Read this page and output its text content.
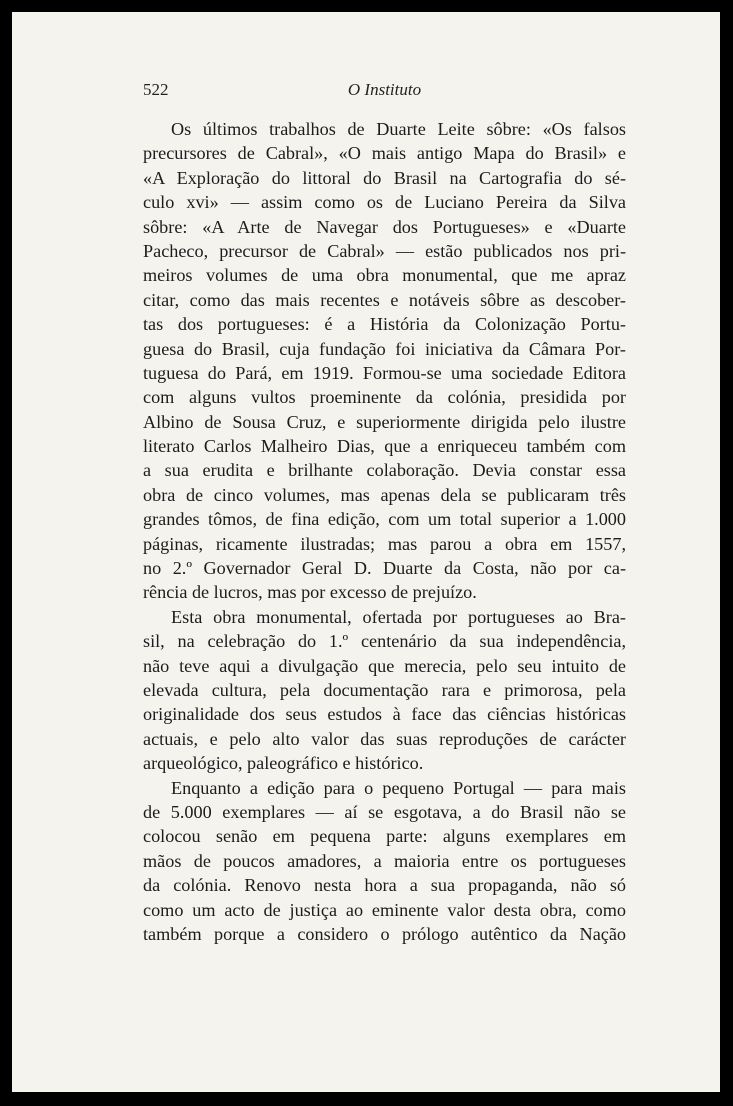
522	O Instituto
Os últimos trabalhos de Duarte Leite sôbre: «Os falsos
precursores de Cabral», «O mais antigo Mapa do Brasil» e
«A Exploração do littoral do Brasil na Cartografia do sé-
culo xvi» — assim como os de Luciano Pereira da Silva
sôbre: «A Arte de Navegar dos Portugueses» e «Duarte
Pacheco, precursor de Cabral» — estão publicados nos pri-
meiros volumes de uma obra monumental, que me apraz
citar, como das mais recentes e notáveis sôbre as descober-
tas dos portugueses: é a História da Colonização Portu-
guesa do Brasil, cuja fundação foi iniciativa da Câmara Por-
tuguesa do Pará, em 1919. Formou-se uma sociedade Editora
com alguns vultos proeminente da colónia, presidida por
Albino de Sousa Cruz, e superiormente dirigida pelo ilustre
literato Carlos Malheiro Dias, que a enriqueceu também com
a sua erudita e brilhante colaboração. Devia constar essa
obra de cinco volumes, mas apenas dela se publicaram três
grandes tômos, de fina edição, com um total superior a 1.000
páginas, ricamente ilustradas; mas parou a obra em 1557,
no 2.º Governador Geral D. Duarte da Costa, não por ca-
rência de lucros, mas por excesso de prejuízo.
Esta obra monumental, ofertada por portugueses ao Bra-
sil, na celebração do 1.º centenário da sua independência,
não teve aqui a divulgação que merecia, pelo seu intuito de
elevada cultura, pela documentação rara e primorosa, pela
originalidade dos seus estudos à face das ciências históricas
actuais, e pelo alto valor das suas reproduções de carácter
arqueológico, paleográfico e histórico.
Enquanto a edição para o pequeno Portugal — para mais
de 5.000 exemplares — aí se esgotava, a do Brasil não se
colocou senão em pequena parte: alguns exemplares em
mãos de poucos amadores, a maioria entre os portugueses
da colónia. Renovo nesta hora a sua propaganda, não só
como um acto de justiça ao eminente valor desta obra, como
também porque a considero o prólogo autêntico da Nação
